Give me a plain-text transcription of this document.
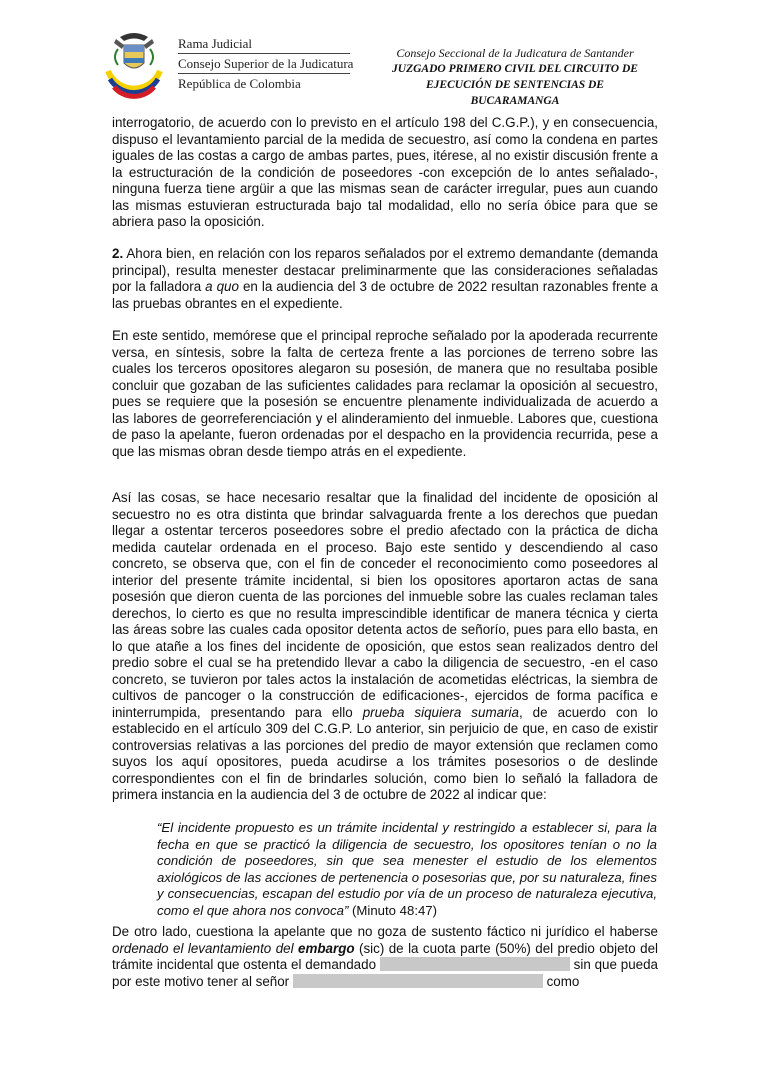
Rama Judicial
Consejo Superior de la Judicatura
República de Colombia
Consejo Seccional de la Judicatura de Santander
JUZGADO PRIMERO CIVIL DEL CIRCUITO DE
EJECUCIÓN DE SENTENCIAS DE
BUCARAMANGA

interrogatorio, de acuerdo con lo previsto en el artículo 198 del C.G.P.), y en consecuencia, dispuso el levantamiento parcial de la medida de secuestro, así como la condena en partes iguales de las costas a cargo de ambas partes, pues, itérese, al no existir discusión frente a la estructuración de la condición de poseedores -con excepción de lo antes señalado-, ninguna fuerza tiene argüir a que las mismas sean de carácter irregular, pues aun cuando las mismas estuvieran estructurada bajo tal modalidad, ello no sería óbice para que se abriera paso la oposición.

2. Ahora bien, en relación con los reparos señalados por el extremo demandante (demanda principal), resulta menester destacar preliminarmente que las consideraciones señaladas por la falladora a quo en la audiencia del 3 de octubre de 2022 resultan razonables frente a las pruebas obrantes en el expediente.

En este sentido, memórese que el principal reproche señalado por la apoderada recurrente versa, en síntesis, sobre la falta de certeza frente a las porciones de terreno sobre las cuales los terceros opositores alegaron su posesión, de manera que no resultaba posible concluir que gozaban de las suficientes calidades para reclamar la oposición al secuestro, pues se requiere que la posesión se encuentre plenamente individualizada de acuerdo a las labores de georreferenciación y el alinderamiento del inmueble. Labores que, cuestiona de paso la apelante, fueron ordenadas por el despacho en la providencia recurrida, pese a que las mismas obran desde tiempo atrás en el expediente.

Así las cosas, se hace necesario resaltar que la finalidad del incidente de oposición al secuestro no es otra distinta que brindar salvaguarda frente a los derechos que puedan llegar a ostentar terceros poseedores sobre el predio afectado con la práctica de dicha medida cautelar ordenada en el proceso. Bajo este sentido y descendiendo al caso concreto, se observa que, con el fin de conceder el reconocimiento como poseedores al interior del presente trámite incidental, si bien los opositores aportaron actas de sana posesión que dieron cuenta de las porciones del inmueble sobre las cuales reclaman tales derechos, lo cierto es que no resulta imprescindible identificar de manera técnica y cierta las áreas sobre las cuales cada opositor detenta actos de señorío, pues para ello basta, en lo que atañe a los fines del incidente de oposición, que estos sean realizados dentro del predio sobre el cual se ha pretendido llevar a cabo la diligencia de secuestro, -en el caso concreto, se tuvieron por tales actos la instalación de acometidas eléctricas, la siembra de cultivos de pancoger o la construcción de edificaciones-, ejercidos de forma pacífica e ininterrumpida, presentando para ello prueba siquiera sumaria, de acuerdo con lo establecido en el artículo 309 del C.G.P. Lo anterior, sin perjuicio de que, en caso de existir controversias relativas a las porciones del predio de mayor extensión que reclamen como suyos los aquí opositores, pueda acudirse a los trámites posesorios o de deslinde correspondientes con el fin de brindarles solución, como bien lo señaló la falladora de primera instancia en la audiencia del 3 de octubre de 2022 al indicar que:

“El incidente propuesto es un trámite incidental y restringido a establecer si, para la fecha en que se practicó la diligencia de secuestro, los opositores tenían o no la condición de poseedores, sin que sea menester el estudio de los elementos axiológicos de las acciones de pertenencia o posesorias que, por su naturaleza, fines y consecuencias, escapan del estudio por vía de un proceso de naturaleza ejecutiva, como el que ahora nos convoca” (Minuto 48:47)

De otro lado, cuestiona la apelante que no goza de sustento fáctico ni jurídico el haberse ordenado el levantamiento del embargo (sic) de la cuota parte (50%) del predio objeto del trámite incidental que ostenta el demandado	sin que pueda por este motivo tener al señor	como
